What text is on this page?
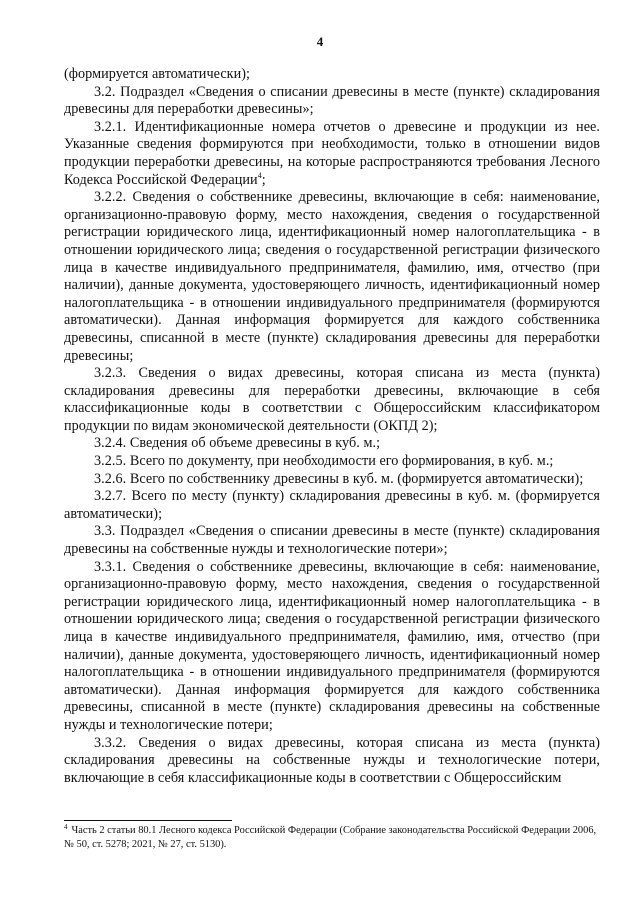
4

(формируется автоматически);

3.2. Подраздел «Сведения о списании древесины в месте (пункте) складирования древесины для переработки древесины»;

3.2.1. Идентификационные номера отчетов о древесине и продукции из нее. Указанные сведения формируются при необходимости, только в отношении видов продукции переработки древесины, на которые распространяются требования Лесного Кодекса Российской Федерации$^4$;

3.2.2. Сведения о собственнике древесины, включающие в себя: наименование, организационно-правовую форму, место нахождения, сведения о государственной регистрации юридического лица, идентификационный номер налогоплательщика - в отношении юридического лица; сведения о государственной регистрации физического лица в качестве индивидуального предпринимателя, фамилию, имя, отчество (при наличии), данные документа, удостоверяющего личность, идентификационный номер налогоплательщика - в отношении индивидуального предпринимателя (формируются автоматически). Данная информация формируется для каждого собственника древесины, списанной в месте (пункте) складирования древесины для переработки древесины;

3.2.3. Сведения о видах древесины, которая списана из места (пункта) складирования древесины для переработки древесины, включающие в себя классификационные коды в соответствии с Общероссийским классификатором продукции по видам экономической деятельности (ОКПД 2);

3.2.4. Сведения об объеме древесины в куб. м.;

3.2.5. Всего по документу, при необходимости его формирования, в куб. м.;

3.2.6. Всего по собственнику древесины в куб. м. (формируется автоматически);

3.2.7. Всего по месту (пункту) складирования древесины в куб. м. (формируется автоматически);

3.3. Подраздел «Сведения о списании древесины в месте (пункте) складирования древесины на собственные нужды и технологические потери»;

3.3.1. Сведения о собственнике древесины, включающие в себя: наименование, организационно-правовую форму, место нахождения, сведения о государственной регистрации юридического лица, идентификационный номер налогоплательщика - в отношении юридического лица; сведения о государственной регистрации физического лица в качестве индивидуального предпринимателя, фамилию, имя, отчество (при наличии), данные документа, удостоверяющего личность, идентификационный номер налогоплательщика - в отношении индивидуального предпринимателя (формируются автоматически). Данная информация формируется для каждого собственника древесины, списанной в месте (пункте) складирования древесины на собственные нужды и технологические потери;

3.3.2. Сведения о видах древесины, которая списана из места (пункта) складирования древесины на собственные нужды и технологические потери, включающие в себя классификационные коды в соответствии с Общероссийским

$^4$ Часть 2 статьи 80.1 Лесного кодекса Российской Федерации (Собрание законодательства Российской Федерации 2006, № 50, ст. 5278; 2021, № 27, ст. 5130).
